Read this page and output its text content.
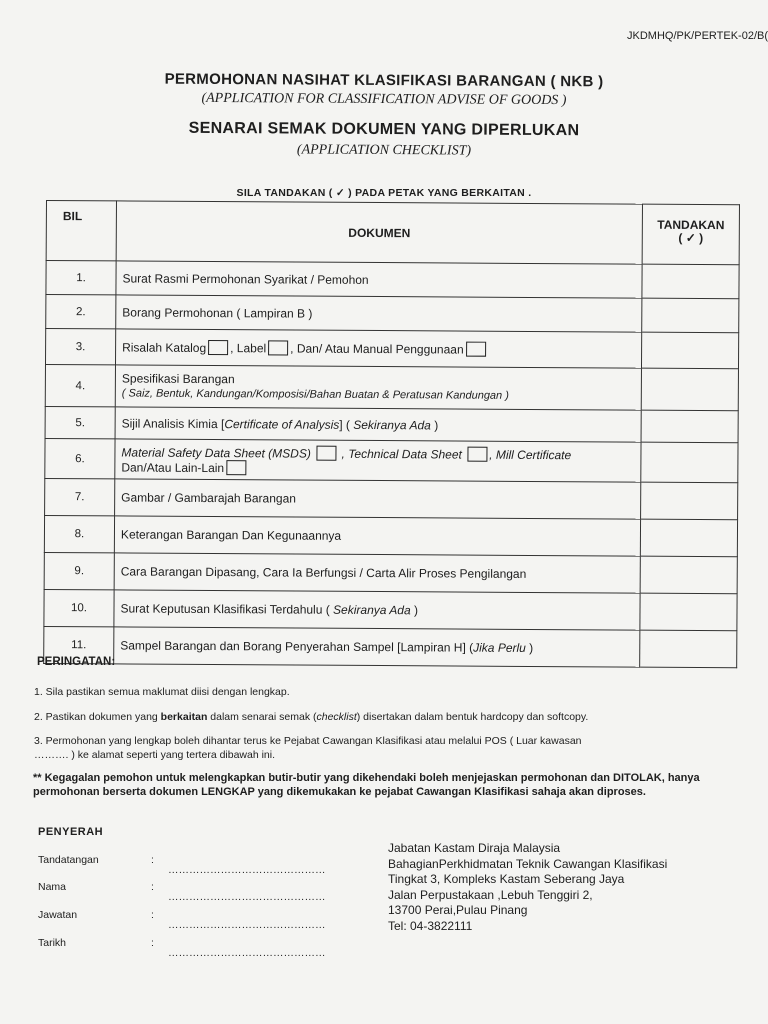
JKDMHQ/PK/PERTEK-02/B(
PERMOHONAN NASIHAT KLASIFIKASI BARANGAN ( NKB )
(APPLICATION FOR CLASSIFICATION ADVISE OF GOODS )
SENARAI SEMAK DOKUMEN YANG DIPERLUKAN
(APPLICATION CHECKLIST)
SILA TANDAKAN ( ✓ ) PADA PETAK YANG BERKAITAN .
BIL	DOKUMEN	TANDAKAN
( ✓ )
1.	Surat Rasmi Permohonan Syarikat / Pemohon	
2.	Borang Permohonan ( Lampiran B )	
3.	Risalah Katalog , Label , Dan/ Atau Manual Penggunaan	
4.	Spesifikasi Barangan
( Saiz, Bentuk, Kandungan/Komposisi/Bahan Buatan & Peratusan Kandungan )	
5.	Sijil Analisis Kimia [Certificate of Analysis] ( Sekiranya Ada )	
6.	Material Safety Data Sheet (MSDS) , Technical Data Sheet , Mill Certificate
Dan/Atau Lain-Lain	
7.	Gambar / Gambarajah Barangan	
8.	Keterangan Barangan Dan Kegunaannya	
9.	Cara Barangan Dipasang, Cara Ia Berfungsi / Carta Alir Proses Pengilangan	
10.	Surat Keputusan Klasifikasi Terdahulu ( Sekiranya Ada )	
11.	Sampel Barangan dan Borang Penyerahan Sampel [Lampiran H] (Jika Perlu )	
PERINGATAN:
1. Sila pastikan semua maklumat diisi dengan lengkap.
2. Pastikan dokumen yang berkaitan dalam senarai semak (checklist) disertakan dalam bentuk hardcopy dan softcopy.
3. Permohonan yang lengkap boleh dihantar terus ke Pejabat Cawangan Klasifikasi atau melalui POS ( Luar kawasan
………. ) ke alamat seperti yang tertera dibawah ini.
** Kegagalan pemohon untuk melengkapkan butir-butir yang dikehendaki boleh menjejaskan permohonan dan DITOLAK, hanya permohonan berserta dokumen LENGKAP yang dikemukakan ke pejabat Cawangan Klasifikasi sahaja akan diproses.
PENYERAH
Tandatangan	:
………………………………………
Nama	:
………………………………………
Jawatan	:
………………………………………
Tarikh	:
………………………………………
Jabatan Kastam Diraja Malaysia
BahagianPerkhidmatan Teknik Cawangan Klasifikasi
Tingkat 3, Kompleks Kastam Seberang Jaya
Jalan Perpustakaan ,Lebuh Tenggiri 2,
13700 Perai,Pulau Pinang
Tel: 04-3822111
